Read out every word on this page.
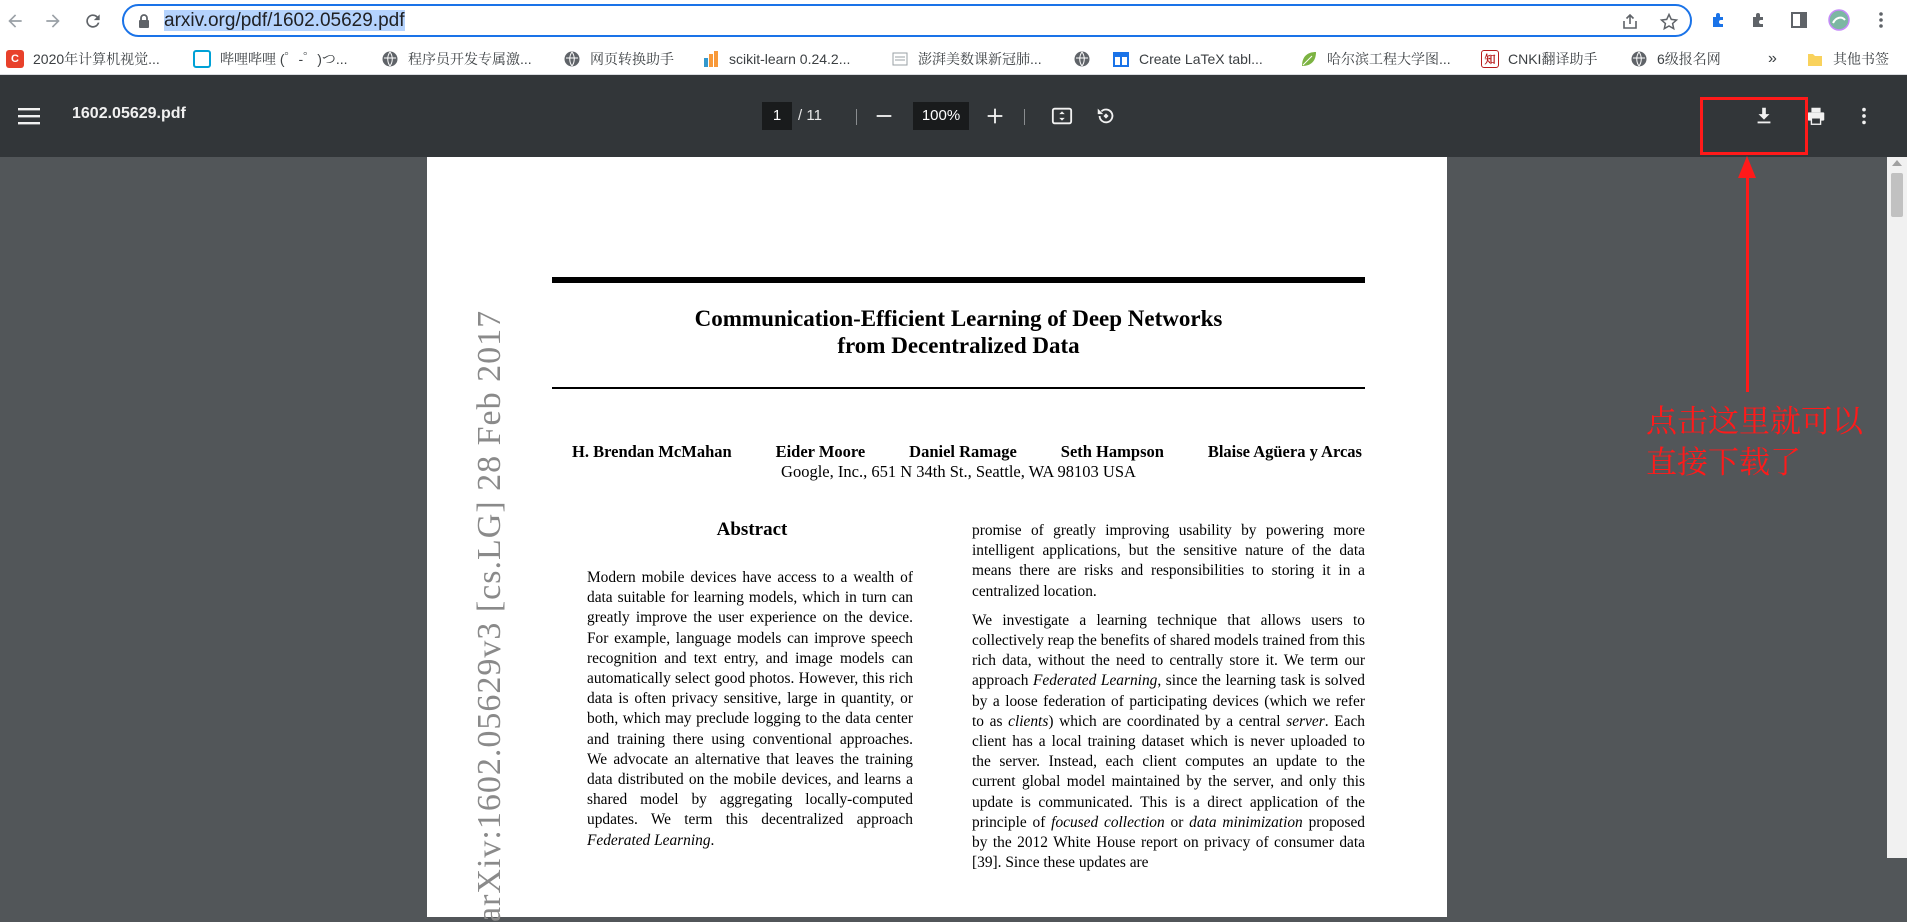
arxiv.org/pdf/1602.05629.pdf
C	2020年计算机视觉...	哔哩哔哩 (゜-゜)つ...	程序员开发专属激...	网页转换助手	scikit-learn 0.24.2...	澎湃美数课新冠肺...	Create LaTeX tabl...	哈尔滨工程大学图...	知 CNKI翻译助手	6级报名网	»	其他书签
1602.05629.pdf	1	/ 11	100%
Communication-Efficient Learning of Deep Networks
from Decentralized Data
H. Brendan McMahan	Eider Moore	Daniel Ramage	Seth Hampson	Blaise Agüera y Arcas
Google, Inc., 651 N 34th St., Seattle, WA 98103 USA
arXiv:1602.05629v3 [cs.LG] 28 Feb 2017	Abstract

Modern mobile devices have access to a wealth of data suitable for learning models, which in turn can greatly improve the user experience on the device. For example, language models can improve speech recognition and text entry, and image models can automatically select good photos. However, this rich data is often privacy sensitive, large in quantity, or both, which may preclude logging to the data center and training there using conventional approaches. We advocate an alternative that leaves the training data distributed on the mobile devices, and learns a shared model by aggregating locally-computed updates. We term this decentralized approach Federated Learning.

promise of greatly improving usability by powering more intelligent applications, but the sensitive nature of the data means there are risks and responsibilities to storing it in a centralized location.

We investigate a learning technique that allows users to collectively reap the benefits of shared models trained from this rich data, without the need to centrally store it. We term our approach Federated Learning, since the learning task is solved by a loose federation of participating devices (which we refer to as clients) which are coordinated by a central server. Each client has a local training dataset which is never uploaded to the server. Instead, each client computes an update to the current global model maintained by the server, and only this update is communicated. This is a direct application of the principle of focused collection or data minimization proposed by the 2012 White House report on privacy of consumer data [39]. Since these updates are

点击这里就可以
直接下载了
